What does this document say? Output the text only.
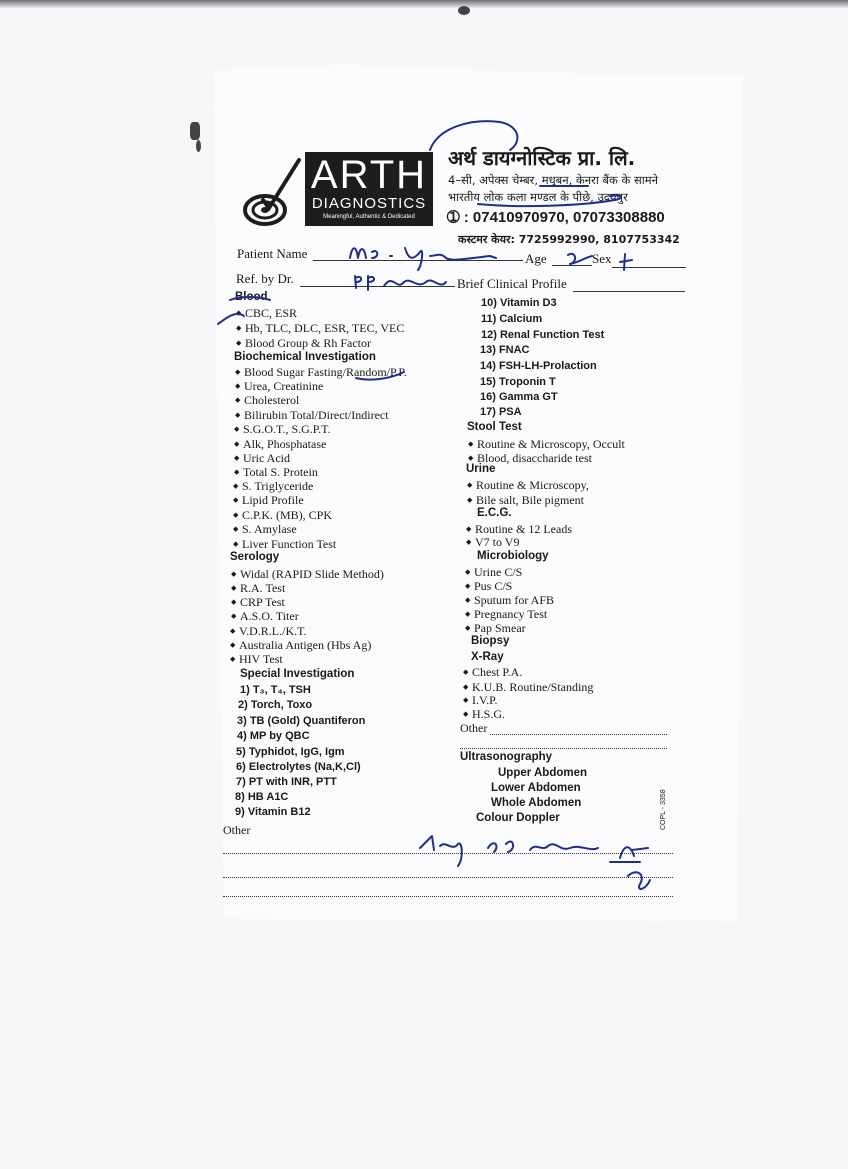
ARTH
DIAGNOSTICS
Meaningful, Authentic & Dedicated
अर्थ डायग्नोस्टिक प्रा. लि.
4–सी, अपेक्स चेम्बर, मधुबन, केनरा बैंक के सामने
भारतीय लोक कला मण्डल के पीछे, उदयपुर
➀ : 07410970970, 07073308880
कस्टमर केयर: 7725992990, 8107753342
Patient Name	Age	Sex
Ref. by Dr.	Brief Clinical Profile
Blood
◆ CBC, ESR
◆ Hb, TLC, DLC, ESR, TEC, VEC
◆ Blood Group & Rh Factor
Biochemical Investigation
◆ Blood Sugar Fasting/Random/P.P.
◆ Urea, Creatinine
◆ Cholesterol
◆ Bilirubin Total/Direct/Indirect
◆ S.G.O.T., S.G.P.T.
◆ Alk, Phosphatase
◆ Uric Acid
◆ Total S. Protein
◆ S. Triglyceride
◆ Lipid Profile
◆ C.P.K. (MB), CPK
◆ S. Amylase
◆ Liver Function Test
Serology
◆ Widal (RAPID Slide Method)
◆ R.A. Test
◆ CRP Test
◆ A.S.O. Titer
◆ V.D.R.L./K.T.
◆ Australia Antigen (Hbs Ag)
◆ HIV Test
Special Investigation
1) T₃, T₄, TSH
2) Torch, Toxo
3) TB (Gold) Quantiferon
4) MP by QBC
5) Typhidot, IgG, Igm
6) Electrolytes (Na,K,Cl)
7) PT with INR, PTT
8) HB A1C
9) Vitamin B12
Other
10) Vitamin D3
11) Calcium
12) Renal Function Test
13) FNAC
14) FSH-LH-Prolaction
15) Troponin T
16) Gamma GT
17) PSA
Stool Test
◆ Routine & Microscopy, Occult
◆ Blood, disaccharide test
Urine
◆ Routine & Microscopy,
◆ Bile salt, Bile pigment
E.C.G.
◆ Routine & 12 Leads
◆ V7 to V9
Microbiology
◆ Urine C/S
◆ Pus C/S
◆ Sputum for AFB
◆ Pregnancy Test
◆ Pap Smear
Biopsy
X-Ray
◆ Chest P.A.
◆ K.U.B. Routine/Standing
◆ I.V.P.
◆ H.S.G.
Other
Ultrasonography
Upper Abdomen
Lower Abdomen
Whole Abdomen
Colour Doppler	COPL - 3358
